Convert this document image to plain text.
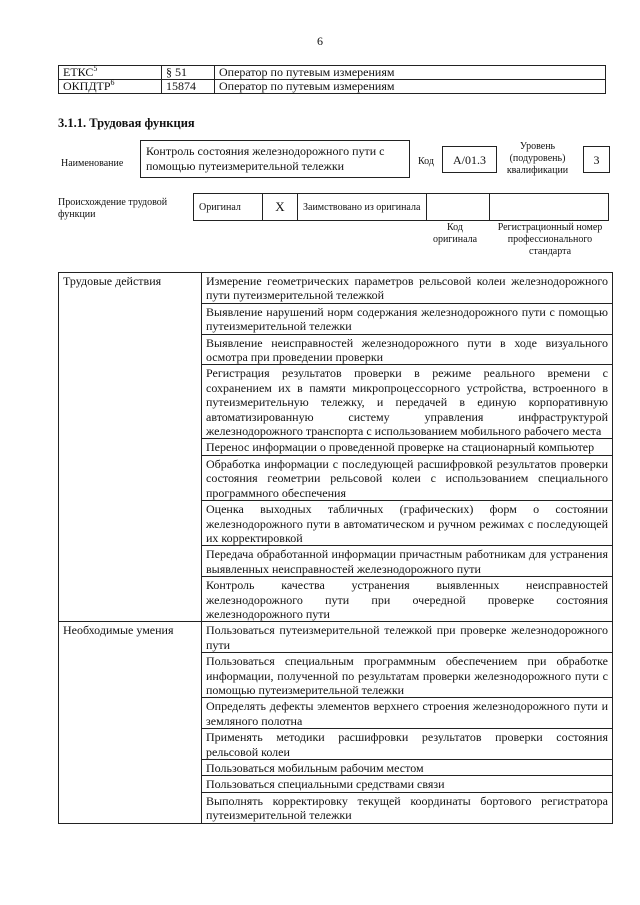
6
ЕТКС$^5$	§ 51	Оператор по путевым измерениям
ОКПДТР$^6$	15874	Оператор по путевым измерениям
3.1.1. Трудовая функция
Наименование
Контроль состояния железнодорожного пути с помощью путеизмерительной тележки	Код	А/01.3
Уровень (подуровень) квалификации
3
Происхождение трудовой функции
Оригинал	X	Заимствовано из оригинала		
Код оригинала
Регистрационный номер профессионального стандарта
Трудовые действия	Измерение геометрических параметров рельсовой колеи железнодорожного пути путеизмерительной тележкой
	Выявление нарушений норм содержания железнодорожного пути с помощью путеизмерительной тележки
	Выявление неисправностей железнодорожного пути в ходе визуального осмотра при проведении проверки
	Регистрация результатов проверки в режиме реального времени с сохранением их в памяти микропроцессорного устройства, встроенного в путеизмерительную тележку, и передачей в единую корпоративную автоматизированную систему управления инфраструктурой железнодорожного транспорта с использованием мобильного рабочего места
	Перенос информации о проведенной проверке на стационарный компьютер
	Обработка информации с последующей расшифровкой результатов проверки состояния геометрии рельсовой колеи с использованием специального программного обеспечения
	Оценка выходных табличных (графических) форм о состоянии железнодорожного пути в автоматическом и ручном режимах с последующей их корректировкой
	Передача обработанной информации причастным работникам для устранения выявленных неисправностей железнодорожного пути
	Контроль качества устранения выявленных неисправностей железнодорожного пути при очередной проверке состояния железнодорожного пути
Необходимые умения	Пользоваться путеизмерительной тележкой при проверке железнодорожного пути
	Пользоваться специальным программным обеспечением при обработке информации, полученной по результатам проверки железнодорожного пути с помощью путеизмерительной тележки
	Определять дефекты элементов верхнего строения железнодорожного пути и земляного полотна
	Применять методики расшифровки результатов проверки состояния рельсовой колеи
	Пользоваться мобильным рабочим местом
	Пользоваться специальными средствами связи
	Выполнять корректировку текущей координаты бортового регистратора путеизмерительной тележки
